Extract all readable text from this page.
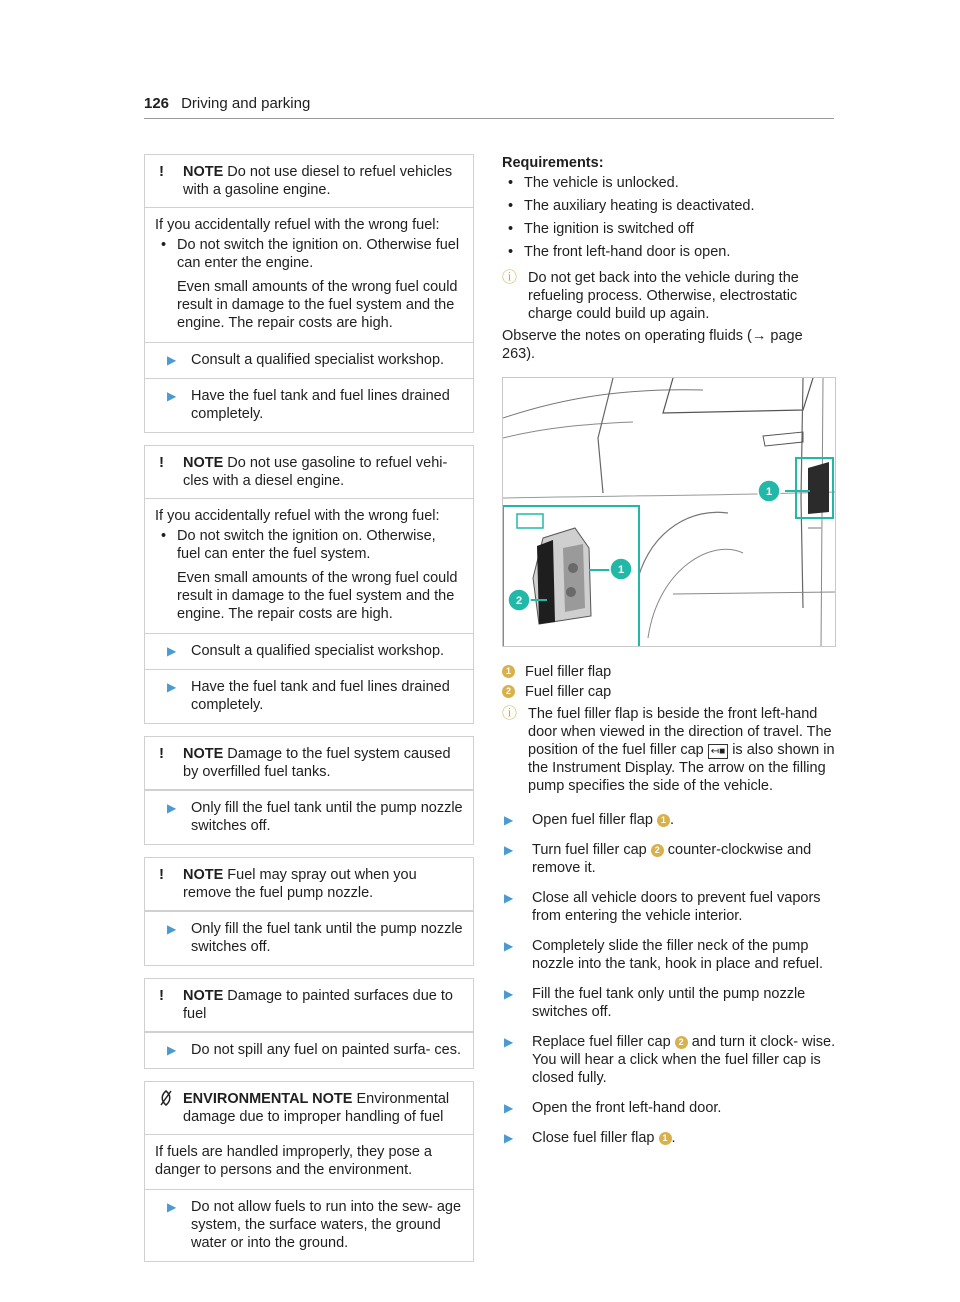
126 Driving and parking
!	NOTE Do not use diesel to refuel vehicles with a gasoline engine.
If you accidentally refuel with the wrong fuel:
• Do not switch the ignition on. Otherwise fuel can enter the engine.
Even small amounts of the wrong fuel could result in damage to the fuel system and the engine. The repair costs are high.
▶	Consult a qualified specialist workshop.
▶	Have the fuel tank and fuel lines drained completely.
!	NOTE Do not use gasoline to refuel vehi- cles with a diesel engine.
If you accidentally refuel with the wrong fuel:
• Do not switch the ignition on. Otherwise, fuel can enter the fuel system.
Even small amounts of the wrong fuel could result in damage to the fuel system and the engine. The repair costs are high.
▶	Consult a qualified specialist workshop.
▶	Have the fuel tank and fuel lines drained completely.
!	NOTE Damage to the fuel system caused by overfilled fuel tanks.
▶	Only fill the fuel tank until the pump nozzle switches off.
!	NOTE Fuel may spray out when you remove the fuel pump nozzle.
▶	Only fill the fuel tank until the pump nozzle switches off.
!	NOTE Damage to painted surfaces due to fuel
▶	Do not spill any fuel on painted surfa- ces.
ENVIRONMENTAL NOTE Environmental damage due to improper handling of fuel
If fuels are handled improperly, they pose a danger to persons and the environment.
▶	Do not allow fuels to run into the sew- age system, the surface waters, the ground water or into the ground.
Requirements:
• The vehicle is unlocked.
• The auxiliary heating is deactivated.
• The ignition is switched off
• The front left-hand door is open.
ⓘ Do not get back into the vehicle during the refueling process. Otherwise, electrostatic charge could build up again.
Observe the notes on operating fluids (→ page 263).
1
1
2
1 Fuel filler flap
2 Fuel filler cap
ⓘ The fuel filler flap is beside the front left-hand door when viewed in the direction of travel. The position of the fuel filler cap ↤■ is also shown in the Instrument Display. The arrow on the filling pump specifies the side of the vehicle.
▶	Open fuel filler flap 1 .
▶	Turn fuel filler cap 2 counter-clockwise and remove it.
▶	Close all vehicle doors to prevent fuel vapors from entering the vehicle interior.
▶	Completely slide the filler neck of the pump nozzle into the tank, hook in place and refuel.
▶	Fill the fuel tank only until the pump nozzle switches off.
▶	Replace fuel filler cap 2 and turn it clock- wise. You will hear a click when the fuel filler cap is closed fully.
▶	Open the front left-hand door.
▶	Close fuel filler flap 1 .
